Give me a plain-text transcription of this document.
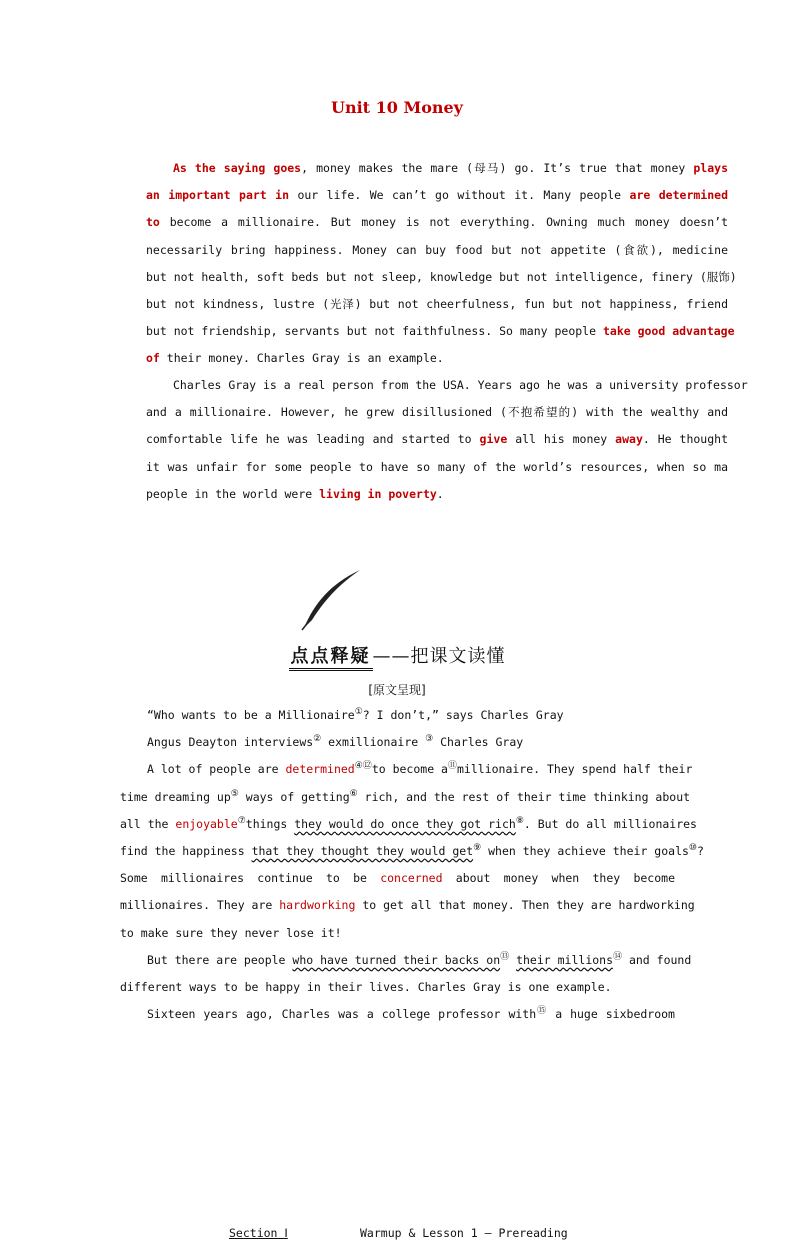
Unit 10 Money
As the saying goes, money makes the mare (母马) go. It’s true that money plays
an important part in our life. We can’t go without it. Many people are determined
to become a millionaire. But money is not everything. Owning much money doesn’t
necessarily bring happiness. Money can buy food but not appetite (食欲), medicine
but not health, soft beds but not sleep, knowledge but not intelligence, finery (服饰)
but not kindness, lustre (光泽) but not cheerfulness, fun but not happiness, friend
but not friendship, servants but not faithfulness. So many people take good advantage
of their money. Charles Gray is an example.
Charles Gray is a real person from the USA. Years ago he was a university professor
and a millionaire. However, he grew disillusioned (不抱希望的) with the wealthy and
comfortable life he was leading and started to give all his money away. He thought
it was unfair for some people to have so many of the world’s resources, when so ma
people in the world were living in poverty.
Section Ⅰ	Warmup & Lesson 1 — Prereading
点点释疑 ——把课文读懂
[原文呈现]
“Who wants to be a Millionaire①? I don’t,” says Charles Gray
Angus Deayton interviews② exmillionaire ③ Charles Gray
A lot of people are determined④⑫to become a⑪millionaire. They spend half their
time dreaming up⑤ ways of getting⑥ rich, and the rest of their time thinking about
all the enjoyable⑦things they would do once they got rich⑧. But do all millionaires
find the happiness that they thought they would get⑨ when they achieve their goals⑩?
Some millionaires continue to be concerned about money when they become
millionaires. They are hardworking to get all that money. Then they are hardworking
to make sure they never lose it!
But there are people who have turned their backs on⑬ their millions⑭ and found
different ways to be happy in their lives. Charles Gray is one example.
Sixteen years ago, Charles was a college professor with⑮ a huge sixbedroom
